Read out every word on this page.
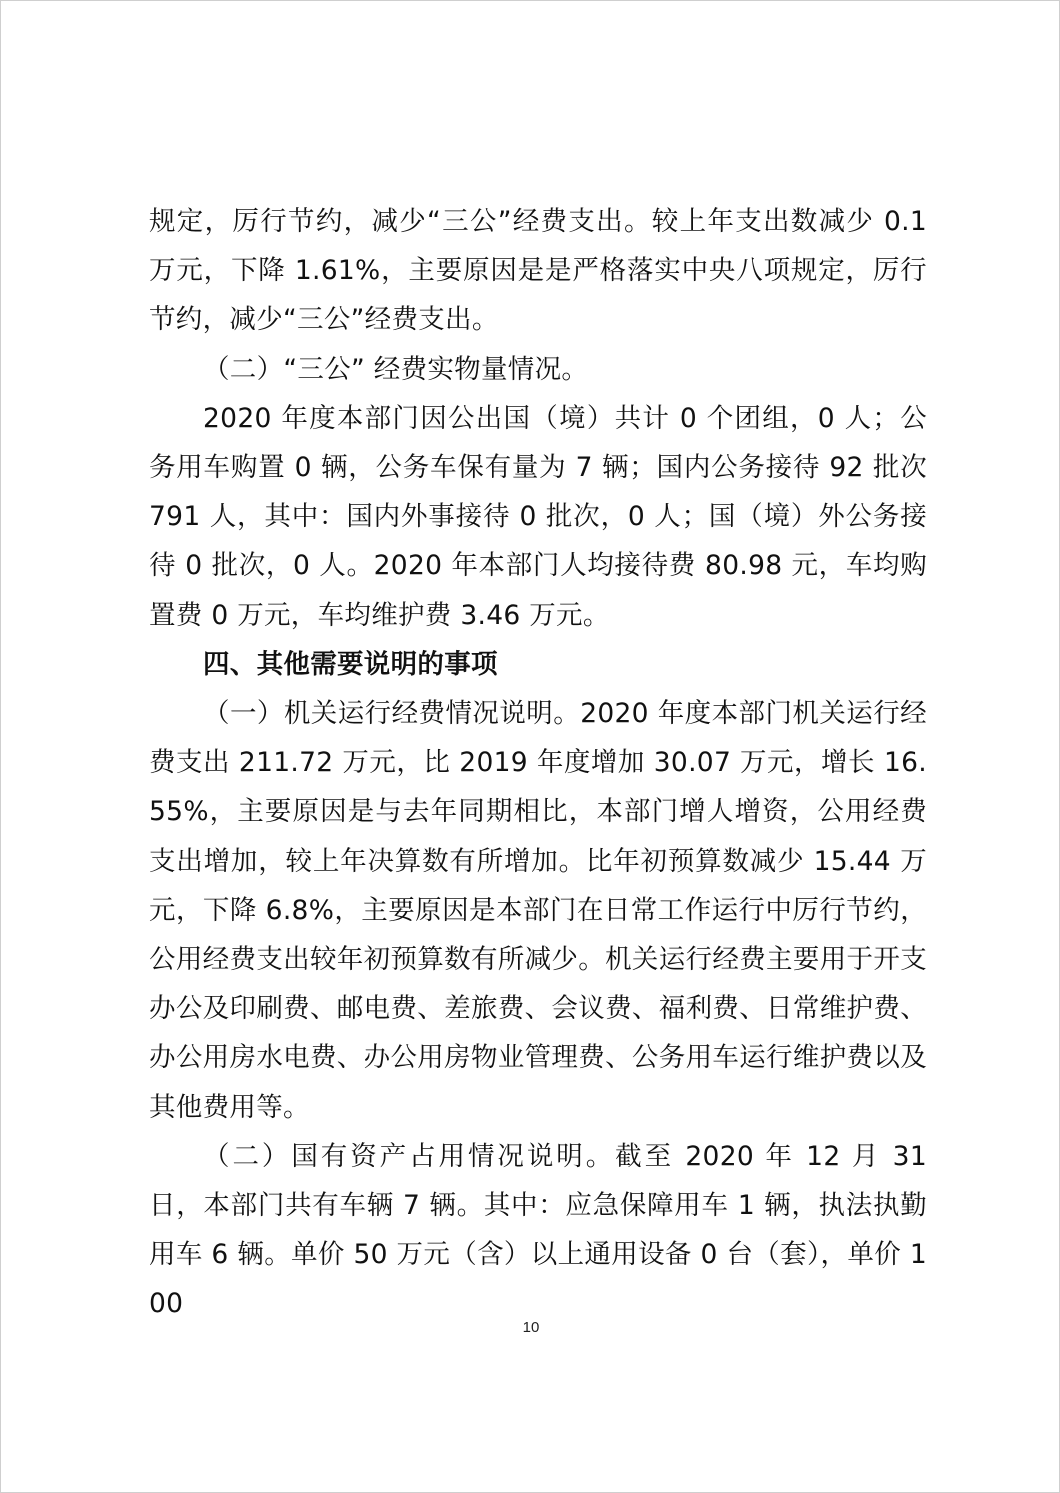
规定，厉行节约，减少“三公”经费支出。较上年支出数减少 0.1 万元，下降 1.61%，主要原因是是严格落实中央八项规定，厉行节约，减少“三公”经费支出。

（二）“三公” 经费实物量情况。

2020 年度本部门因公出国（境）共计 0 个团组，0 人；公务用车购置 0 辆，公务车保有量为 7 辆；国内公务接待 92 批次 791 人，其中：国内外事接待 0 批次，0 人；国（境）外公务接待 0 批次，0 人。2020 年本部门人均接待费 80.98 元，车均购置费 0 万元，车均维护费 3.46 万元。

四、其他需要说明的事项

（一）机关运行经费情况说明。2020 年度本部门机关运行经费支出 211.72 万元，比 2019 年度增加 30.07 万元，增长 16.55%，主要原因是与去年同期相比，本部门增人增资，公用经费支出增加，较上年决算数有所增加。比年初预算数减少 15.44 万元，下降 6.8%，主要原因是本部门在日常工作运行中厉行节约，公用经费支出较年初预算数有所减少。机关运行经费主要用于开支办公及印刷费、邮电费、差旅费、会议费、福利费、日常维护费、办公用房水电费、办公用房物业管理费、公务用车运行维护费以及其他费用等。

（二）国有资产占用情况说明。截至 2020 年 12 月 31 日，本部门共有车辆 7 辆。其中：应急保障用车 1 辆，执法执勤用车 6 辆。单价 50 万元（含）以上通用设备 0 台（套），单价 100

10
